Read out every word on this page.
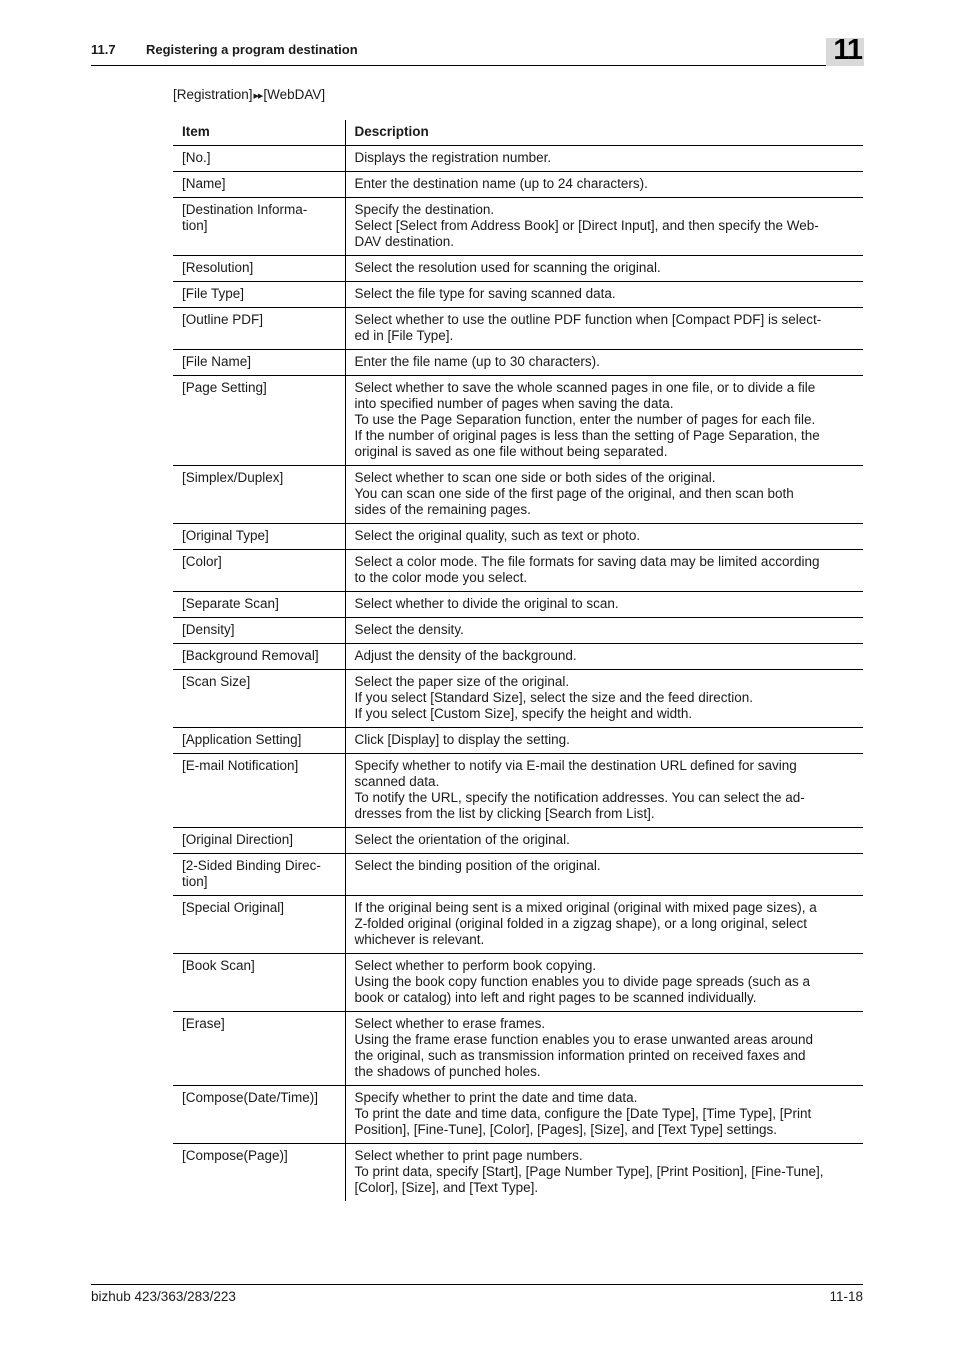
11.7 Registering a program destination	11
[Registration] ▶▶ [WebDAV]
Item	Description
[No.]	Displays the registration number.
[Name]	Enter the destination name (up to 24 characters).
[Destination Informa-
tion]	Specify the destination.
Select [Select from Address Book] or [Direct Input], and then specify the Web-
DAV destination.
[Resolution]	Select the resolution used for scanning the original.
[File Type]	Select the file type for saving scanned data.
[Outline PDF]	Select whether to use the outline PDF function when [Compact PDF] is select-
ed in [File Type].
[File Name]	Enter the file name (up to 30 characters).
[Page Setting]	Select whether to save the whole scanned pages in one file, or to divide a file
into specified number of pages when saving the data.
To use the Page Separation function, enter the number of pages for each file.
If the number of original pages is less than the setting of Page Separation, the
original is saved as one file without being separated.
[Simplex/Duplex]	Select whether to scan one side or both sides of the original.
You can scan one side of the first page of the original, and then scan both
sides of the remaining pages.
[Original Type]	Select the original quality, such as text or photo.
[Color]	Select a color mode. The file formats for saving data may be limited according
to the color mode you select.
[Separate Scan]	Select whether to divide the original to scan.
[Density]	Select the density.
[Background Removal]	Adjust the density of the background.
[Scan Size]	Select the paper size of the original.
If you select [Standard Size], select the size and the feed direction.
If you select [Custom Size], specify the height and width.
[Application Setting]	Click [Display] to display the setting.
[E-mail Notification]	Specify whether to notify via E-mail the destination URL defined for saving
scanned data.
To notify the URL, specify the notification addresses. You can select the ad-
dresses from the list by clicking [Search from List].
[Original Direction]	Select the orientation of the original.
[2-Sided Binding Direc-
tion]	Select the binding position of the original.
[Special Original]	If the original being sent is a mixed original (original with mixed page sizes), a
Z-folded original (original folded in a zigzag shape), or a long original, select
whichever is relevant.
[Book Scan]	Select whether to perform book copying.
Using the book copy function enables you to divide page spreads (such as a
book or catalog) into left and right pages to be scanned individually.
[Erase]	Select whether to erase frames.
Using the frame erase function enables you to erase unwanted areas around
the original, such as transmission information printed on received faxes and
the shadows of punched holes.
[Compose(Date/Time)]	Specify whether to print the date and time data.
To print the date and time data, configure the [Date Type], [Time Type], [Print
Position], [Fine-Tune], [Color], [Pages], [Size], and [Text Type] settings.
[Compose(Page)]	Select whether to print page numbers.
To print data, specify [Start], [Page Number Type], [Print Position], [Fine-Tune],
[Color], [Size], and [Text Type].
bizhub 423/363/283/223	11-18
